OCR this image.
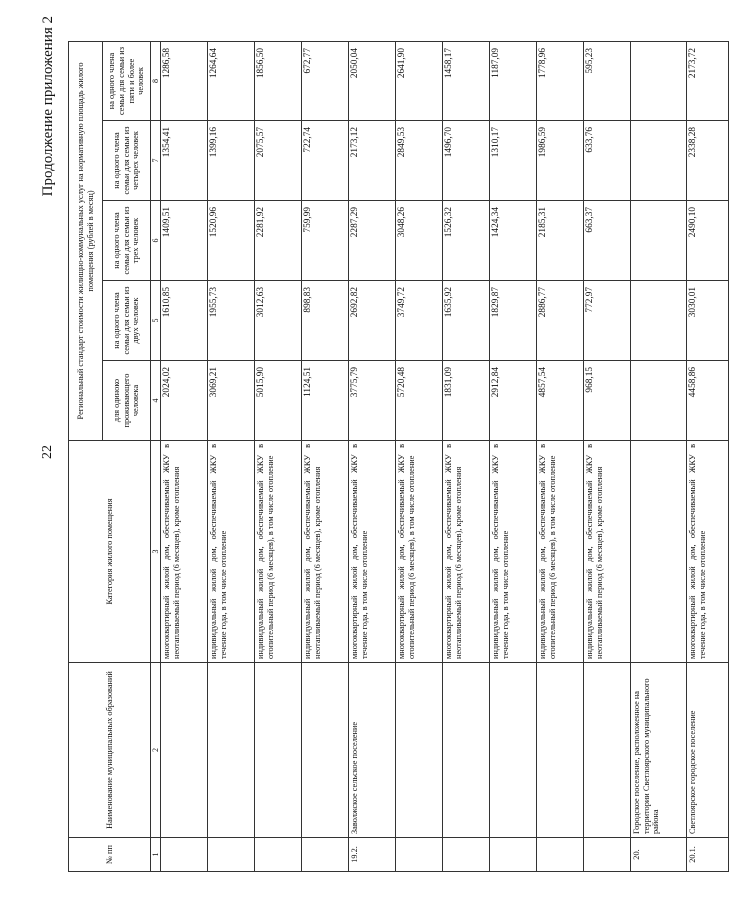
22
Продолжение приложения 2
№ пп	Наименование муниципальных образований	Категория жилого помещения	Региональный стандарт стоимости жилищно-коммунальных услуг на нормативную площадь жилого помещения (рублей в месяц)				
			для одиноко проживающего человека	на одного члена семьи для семьи из двух человек	на одного члена семьи для семьи из трех человек	на одного члена семьи для семьи из четырех человек	на одного члена семьи для семьи из пяти и более человек
1	2	3	4	5	6	7	8
		многоквартирный жилой дом, обеспечиваемый ЖКУ в неотапливаемый период (6 месяцев), кроме отопления	2024,02	1610,85	1409,51	1354,41	1286,58
		индивидуальный жилой дом, обеспечиваемый ЖКУ в течение года, в том числе отопление	3069,21	1955,73	1520,96	1399,16	1264,64
		индивидуальный жилой дом, обеспечиваемый ЖКУ в отопительный период (6 месяцев), в том числе отопление	5015,90	3012,63	2281,92	2075,57	1856,50
		индивидуальный жилой дом, обеспечиваемый ЖКУ в неотапливаемый период (6 месяцев), кроме отопления	1124,51	898,83	759,99	722,74	672,77
19.2.	Заволжское сельское поселение	многоквартирный жилой дом, обеспечиваемый ЖКУ в течение года, в том числе отопление	3775,79	2692,82	2287,29	2173,12	2050,04
		многоквартирный жилой дом, обеспечиваемый ЖКУ в отопительный период (6 месяцев), в том числе отопление	5720,48	3749,72	3048,26	2849,53	2641,90
		многоквартирный жилой дом, обеспечиваемый ЖКУ в неотапливаемый период (6 месяцев), кроме отопления	1831,09	1635,92	1526,32	1496,70	1458,17
		индивидуальный жилой дом, обеспечиваемый ЖКУ в течение года, в том числе отопление	2912,84	1829,87	1424,34	1310,17	1187,09
		индивидуальный жилой дом, обеспечиваемый ЖКУ в отопительный период (6 месяцев), в том числе отопление	4857,54	2886,77	2185,31	1986,59	1778,96
		индивидуальный жилой дом, обеспечиваемый ЖКУ в неотапливаемый период (6 месяцев), кроме отопления	968,15	772,97	663,37	633,76	595,23
20.	Городское поселение, расположенное на территории Светлоярского муниципального района						
20.1.	Светлоярское городское поселение	многоквартирный жилой дом, обеспечиваемый ЖКУ в течение года, в том числе отопление	4458,86	3030,01	2490,10	2338,28	2173,72
